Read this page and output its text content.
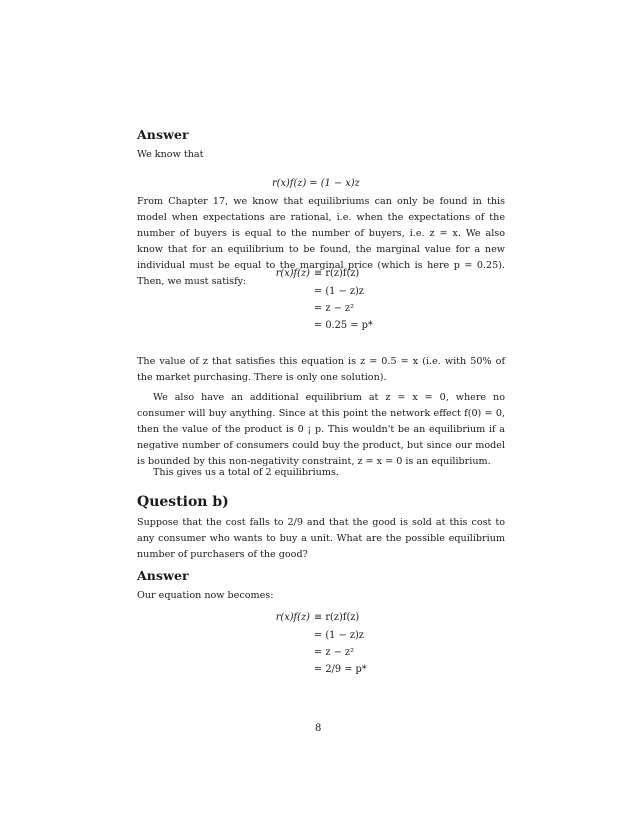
Answer
We know that
r(x)f(z) = (1 − x)z
From Chapter 17, we know that equilibriums can only be found in this model when expectations are rational, i.e. when the expectations of the number of buyers is equal to the number of buyers, i.e. z = x. We also know that for an equilibrium to be found, the marginal value for a new individual must be equal to the marginal price (which is here p = 0.25). Then, we must satisfy:
r(x)f(z) ≡ r(z)f(z)
= (1 − z)z
= z − z²
= 0.25 = p*
The value of z that satisfies this equation is z = 0.5 = x (i.e. with 50% of the market purchasing. There is only one solution).
We also have an additional equilibrium at z = x = 0, where no consumer will buy anything. Since at this point the network effect f(0) = 0, then the value of the product is 0 ¡ p. This wouldn't be an equilibrium if a negative number of consumers could buy the product, but since our model is bounded by this non-negativity constraint, z = x = 0 is an equilibrium.
This gives us a total of 2 equilibriums.
Question b)
Suppose that the cost falls to 2/9 and that the good is sold at this cost to any consumer who wants to buy a unit. What are the possible equilibrium number of purchasers of the good?
Answer
Our equation now becomes:
r(x)f(z) ≡ r(z)f(z)
= (1 − z)z
= z − z²
= 2/9 = p*
8
